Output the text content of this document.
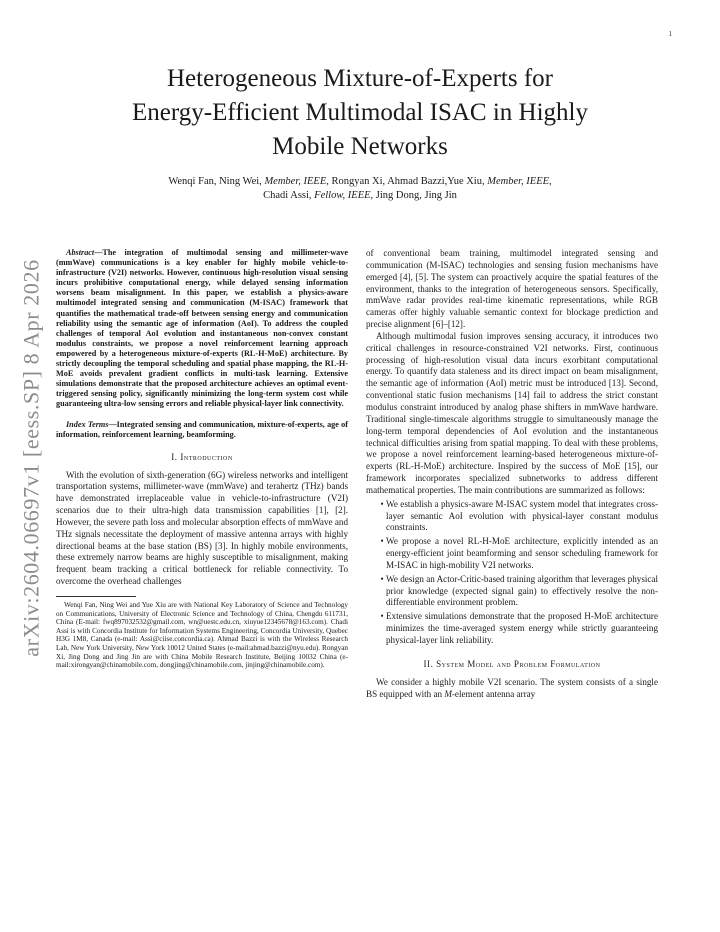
1
arXiv:2604.06697v1 [eess.SP] 8 Apr 2026
Heterogeneous Mixture-of-Experts for
Energy-Efficient Multimodal ISAC in Highly
Mobile Networks
Wenqi Fan, Ning Wei, Member, IEEE, Rongyan Xi, Ahmad Bazzi,Yue Xiu, Member, IEEE,
Chadi Assi, Fellow, IEEE, Jing Dong, Jing Jin

Abstract—The integration of multimodal sensing and millimeter-wave (mmWave) communications is a key enabler for highly mobile vehicle-to-infrastructure (V2I) networks. However, continuous high-resolution visual sensing incurs prohibitive computational energy, while delayed sensing information worsens beam misalignment. In this paper, we establish a physics-aware multimodel integrated sensing and communication (M-ISAC) framework that quantifies the mathematical trade-off between sensing energy and communication reliability using the semantic age of information (AoI). To address the coupled challenges of temporal AoI evolution and instantaneous non-convex constant modulus constraints, we propose a novel reinforcement learning approach empowered by a heterogeneous mixture-of-experts (RL-H-MoE) architecture. By strictly decoupling the temporal scheduling and spatial phase mapping, the RL-H-MoE avoids prevalent gradient conflicts in multi-task learning. Extensive simulations demonstrate that the proposed architecture achieves an optimal event-triggered sensing policy, significantly minimizing the long-term system cost while guaranteeing ultra-low sensing errors and reliable physical-layer link connectivity.

Index Terms—Integrated sensing and communication, mixture-of-experts, age of information, reinforcement learning, beamforming.

I. Introduction

With the evolution of sixth-generation (6G) wireless networks and intelligent transportation systems, millimeter-wave (mmWave) and terahertz (THz) bands have demonstrated irreplaceable value in vehicle-to-infrastructure (V2I) scenarios due to their ultra-high data transmission capabilities [1], [2]. However, the severe path loss and molecular absorption effects of mmWave and THz signals necessitate the deployment of massive antenna arrays with highly directional beams at the base station (BS) [3]. In highly mobile environments, these extremely narrow beams are highly susceptible to misalignment, making frequent beam tracking a critical bottleneck for reliable connectivity. To overcome the overhead challenges

Wenqi Fan, Ning Wei and Yue Xiu are with National Key Laboratory of Science and Technology on Communications, University of Electronic Science and Technology of China, Chengdu 611731, China (E-mail: fwq897032532@gmail.com, wn@uestc.edu.cn, xiuyue12345678@163.com). Chadi Assi is with Concordia Institute for Information Systems Engineering, Concordia University, Quebec H3G 1M8, Canada (e-mail: Assi@ciise.concordia.ca). Ahmad Bazzi is with the Wireless Research Lab, New York University, New York 10012 United States (e-mail:ahmad.bazzi@nyu.edu). Rongyan Xi, Jing Dong and Jing Jin are with China Mobile Research Institute, Beijing 10032 China (e-mail:xirongyan@chinamobile.com, dongjing@chinamobile.com, jinjing@chinamobile.com).

of conventional beam training, multimodel integrated sensing and communication (M-ISAC) technologies and sensing fusion mechanisms have emerged [4], [5]. The system can proactively acquire the spatial features of the environment, thanks to the integration of heterogeneous sensors. Specifically, mmWave radar provides real-time kinematic representations, while RGB cameras offer highly valuable semantic context for blockage prediction and precise alignment [6]–[12].

Although multimodal fusion improves sensing accuracy, it introduces two critical challenges in resource-constrained V2I networks. First, continuous processing of high-resolution visual data incurs exorbitant computational energy. To quantify data staleness and its direct impact on beam misalignment, the semantic age of information (AoI) metric must be introduced [13]. Second, conventional static fusion mechanisms [14] fail to address the strict constant modulus constraint introduced by analog phase shifters in mmWave hardware. Traditional single-timescale algorithms struggle to simultaneously manage the long-term temporal dependencies of AoI evolution and the instantaneous technical difficulties arising from spatial mapping. To deal with these problems, we propose a novel reinforcement learning-based heterogeneous mixture-of-experts (RL-H-MoE) architecture. Inspired by the success of MoE [15], our framework incorporates specialized subnetworks to address different mathematical properties. The main contributions are summarized as follows:

• We establish a physics-aware M-ISAC system model that integrates cross-layer semantic AoI evolution with physical-layer constant modulus constraints.
• We propose a novel RL-H-MoE architecture, explicitly intended as an energy-efficient joint beamforming and sensor scheduling framework for M-ISAC in high-mobility V2I networks.
• We design an Actor-Critic-based training algorithm that leverages physical prior knowledge (expected signal gain) to effectively resolve the non-differentiable environment problem.
• Extensive simulations demonstrate that the proposed H-MoE architecture minimizes the time-averaged system energy while strictly guaranteeing physical-layer link reliability.
II. System Model and Problem Formulation

We consider a highly mobile V2I scenario. The system consists of a single BS equipped with an M-element antenna array
